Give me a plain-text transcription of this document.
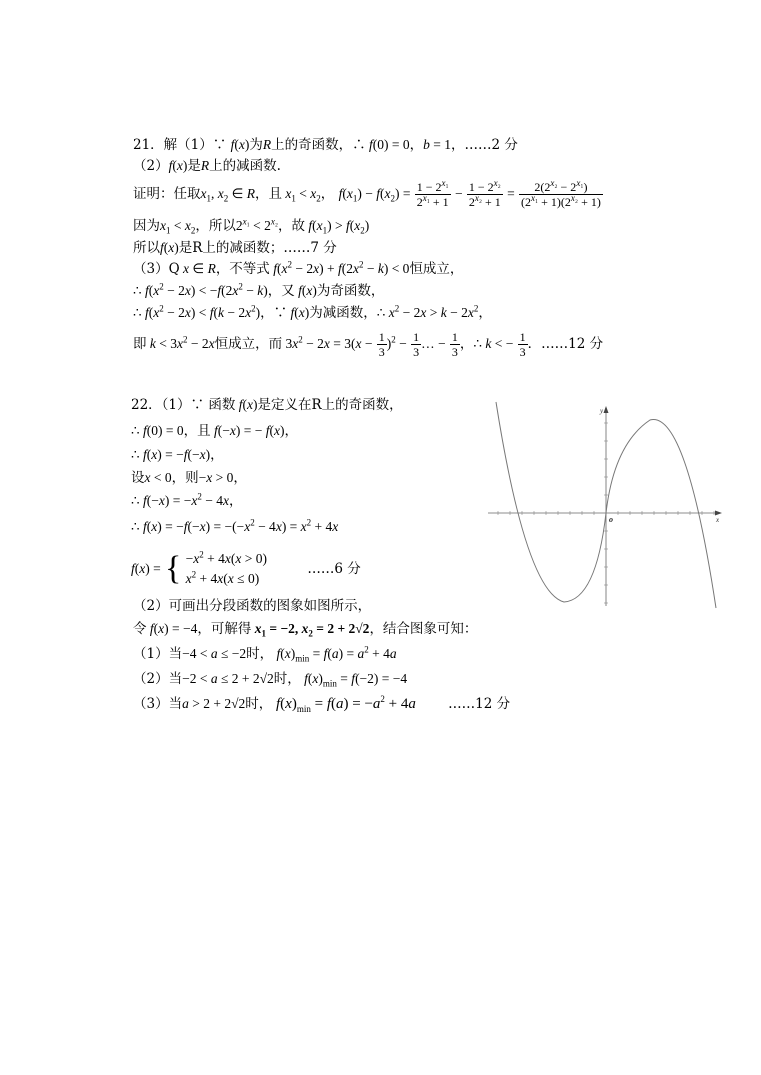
21．解（1）∵ f(x)为R上的奇函数，∴ f(0) = 0，b = 1，……2 分
（2）f(x)是R上的减函数.
证明：任取$x_1$, $x_2$ ∈ R，且 $x_1 < x_2$， $f(x_1) - f(x_2) = \frac{1 - 2^{x_1}}{2^{x_1} + 1} - \frac{1 - 2^{x_2}}{2^{x_2} + 1} = \frac{2(2^{x_2} - 2^{x_1})}{(2^{x_1} + 1)(2^{x_2} + 1)}$
因为$x_1 < x_2$，所以$2^{x_1} < 2^{x_2}$，故 $f(x_1) > f(x_2)$
所以f(x)是R上的减函数；……7 分
（3）Q x ∈ R，不等式 $f(x^2 - 2x) + f(2x^2 - k) < 0$恒成立，
∴ $f(x^2 - 2x) < -f(2x^2 - k)$，又 f(x)为奇函数，
∴ $f(x^2 - 2x) < f(k - 2x^2)$，∵ f(x)为减函数，∴ $x^2 - 2x > k - 2x^2$，
即 $k < 3x^2 - 2x$恒成立，而 $3x^2 - 2x = 3(x - \frac{1}{3} )^2 - \frac{1}{3}$ … − $\frac{1}{3}$ ，∴ k < − $\frac{1}{3}$ ．……12 分
22．（1）∵ 函数 f(x)是定义在R上的奇函数，
∴ f(0) = 0，且 f(−x) = − f(x)，
∴ f(x) = −f(−x)，
设x < 0，则−x > 0，
∴ $f(-x) = -x^2 - 4x$，
∴ $f(x) = -f(-x) = -(-x^2 - 4x) = x^2 + 4x$
f(x) = { $-x^2 + 4x(x > 0)$
$x^2 + 4x(x \le 0)$
……6 分
（2）可画出分段函数的图象如图所示，
令 f(x) = −4，可解得 $x_1 = -2$, $x_2 = 2 + 2√2$，结合图象可知：
（1）当−4 < a ≤ −2时， $f(x)_{min} = f(a) = a^2 + 4a$
（2）当−2 < a ≤ 2 + 2√2时， $f(x)_{min} = f(-2) = -4$
（3）当a > 2 + 2√2时， $f(x)_{min} = f(a) = -a^2 + 4a$ ……12 分
x
y
o
